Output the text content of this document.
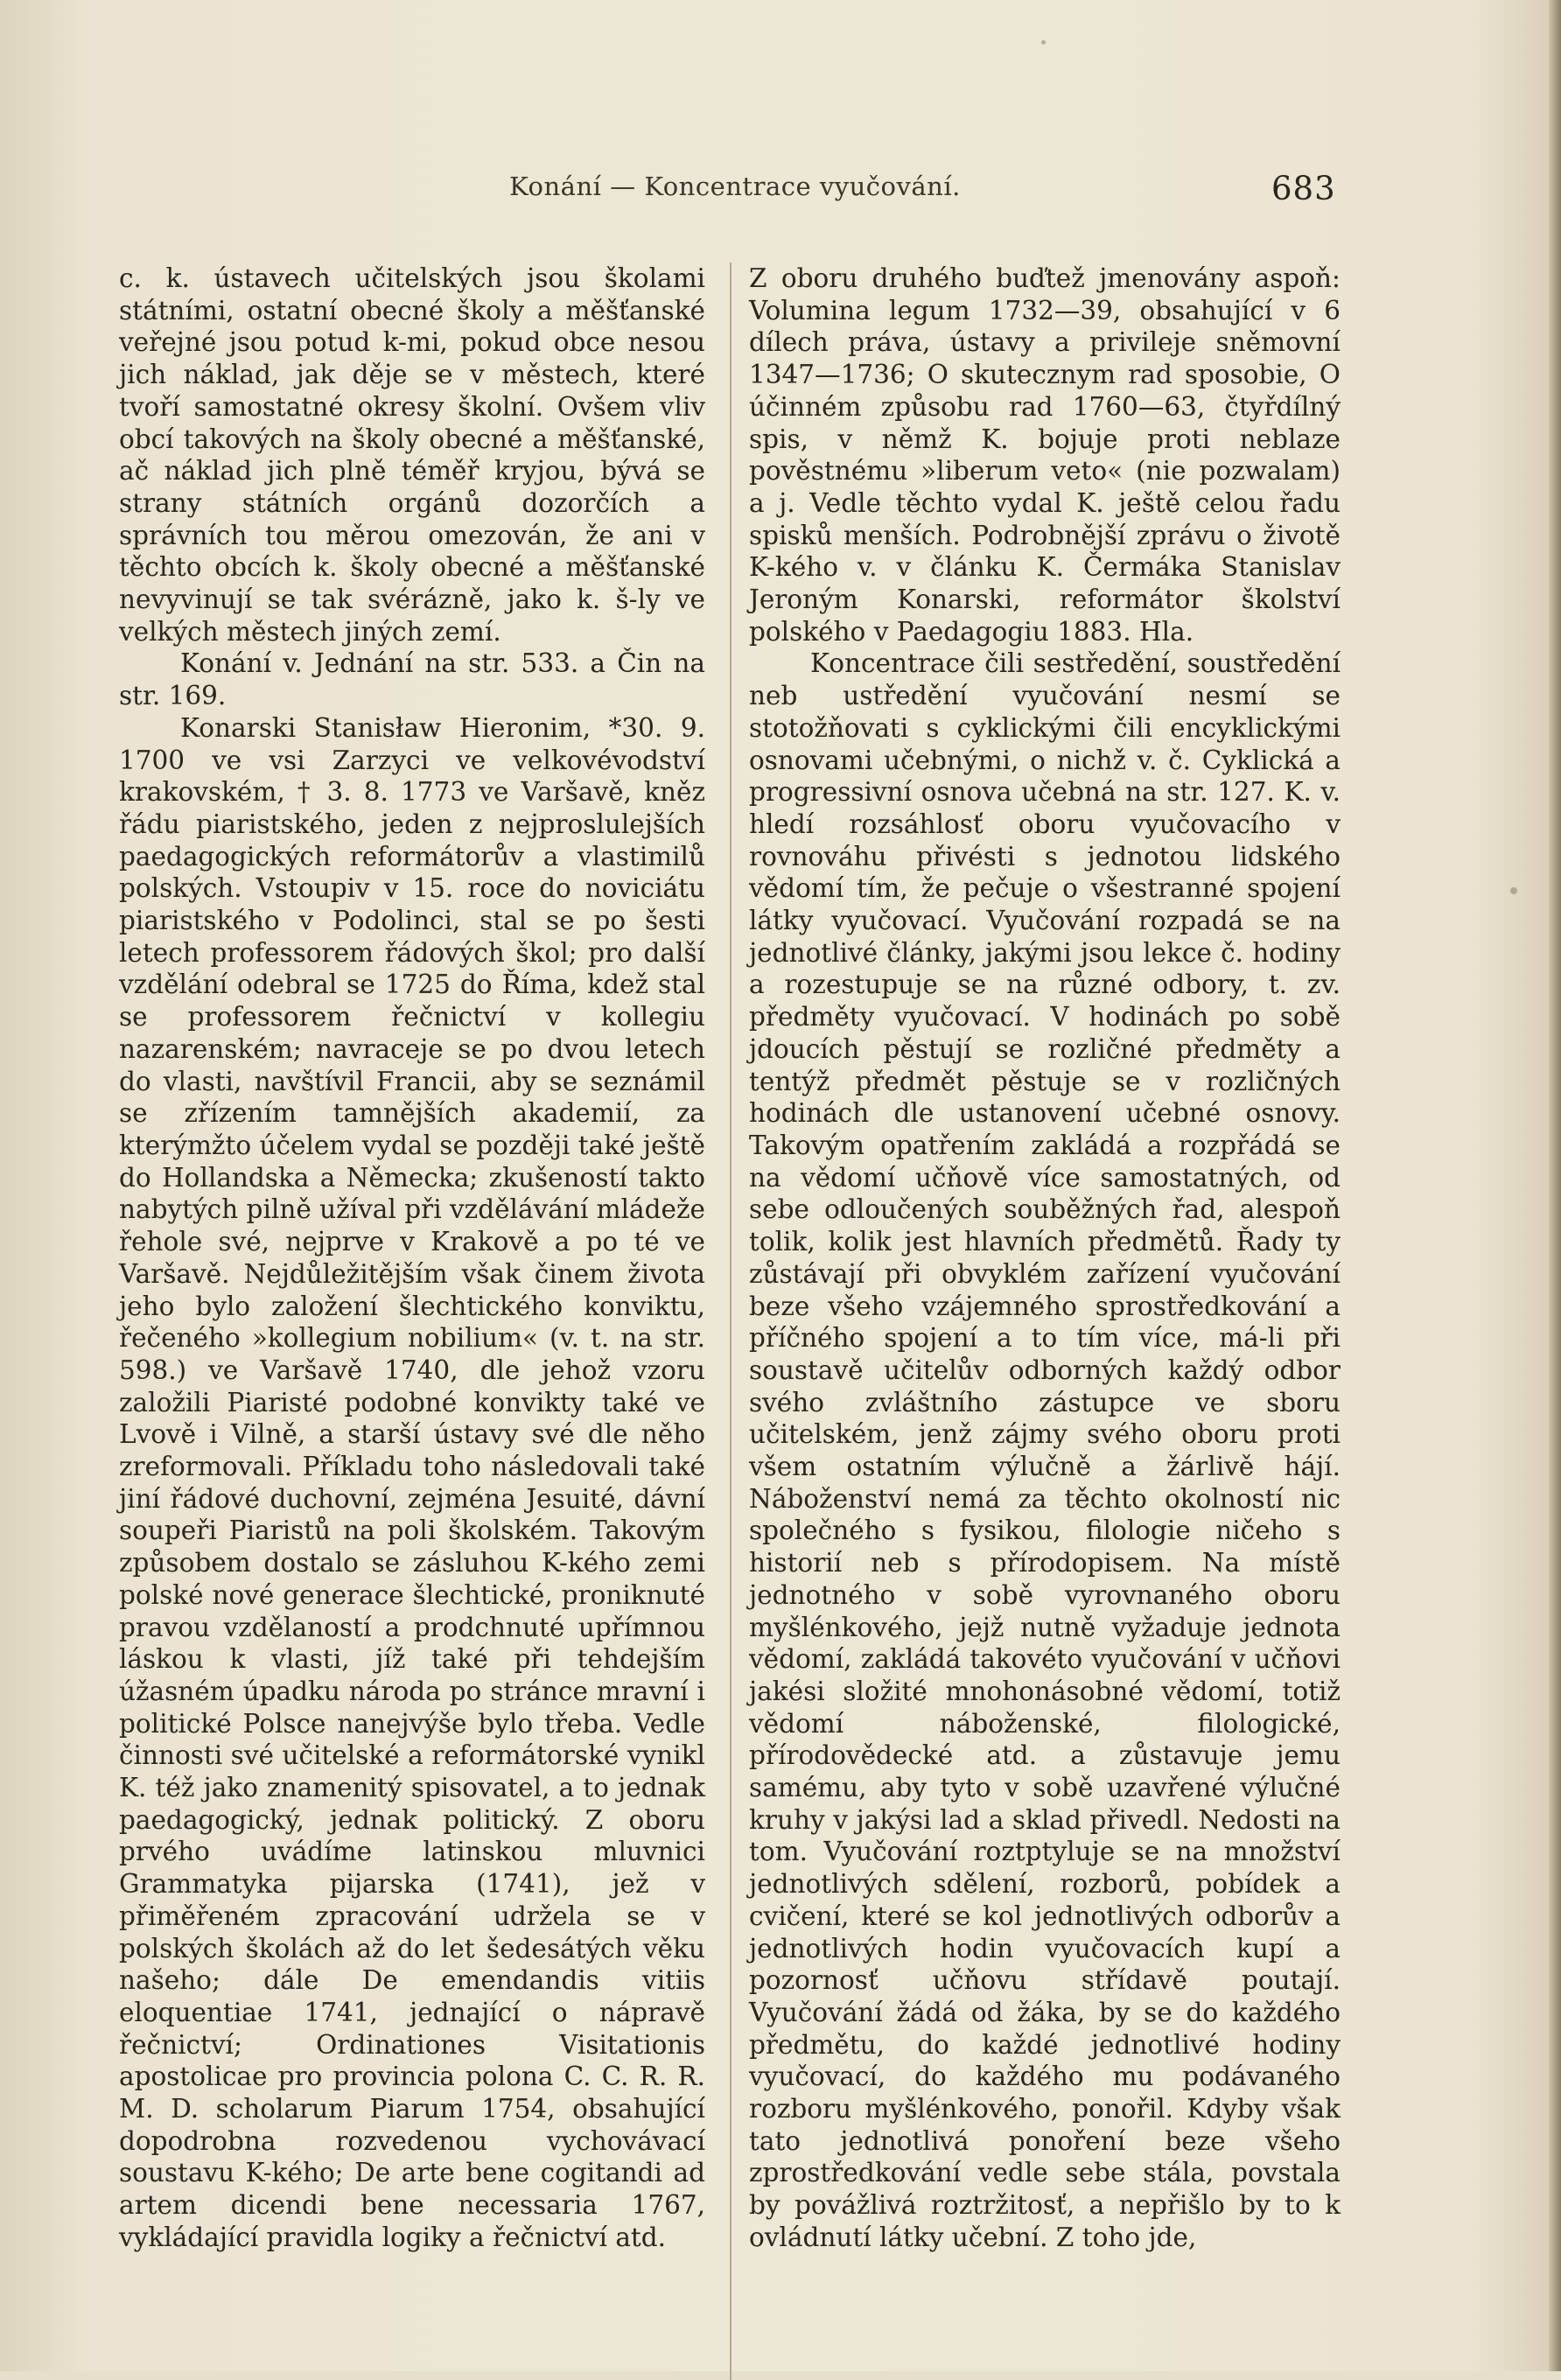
Konání — Koncentrace vyučování.	683

c. k. ústavech učitelských jsou školami státními, ostatní obecné školy a měšťanské veřejné jsou potud k-mi, pokud obce nesou jich náklad, jak děje se v městech, které tvoří samostatné okresy školní. Ovšem vliv obcí takových na školy obecné a měšťanské, ač náklad jich plně téměř kryjou, bývá se strany státních orgánů dozorčích a správních tou měrou omezován, že ani v těchto obcích k. školy obecné a měšťanské nevyvinují se tak svérázně, jako k. š-ly ve velkých městech jiných zemí.

Konání v. Jednání na str. 533. a Čin na str. 169.

Konarski Stanisław Hieronim, *30. 9. 1700 ve vsi Zarzyci ve velkovévodství krakovském, † 3. 8. 1773 ve Varšavě, kněz řádu piaristského, jeden z nejproslulejších paedagogických reformátorův a vlastimilů polských. Vstoupiv v 15. roce do noviciátu piaristského v Podolinci, stal se po šesti letech professorem řádových škol; pro další vzdělání odebral se 1725 do Říma, kdež stal se professorem řečnictví v kollegiu nazarenském; navraceje se po dvou letech do vlasti, navštívil Francii, aby se seznámil se zřízením tamnějších akademií, za kterýmžto účelem vydal se později také ještě do Hollandska a Německa; zkušeností takto nabytých pilně užíval při vzdělávání mládeže řehole své, nejprve v Krakově a po té ve Varšavě. Nejdůležitějším však činem života jeho bylo založení šlechtického konviktu, řečeného »kollegium nobilium« (v. t. na str. 598.) ve Varšavě 1740, dle jehož vzoru založili Piaristé podobné konvikty také ve Lvově i Vilně, a starší ústavy své dle něho zreformovali. Příkladu toho následovali také jiní řádové duchovní, zejména Jesuité, dávní soupeři Piaristů na poli školském. Takovým způsobem dostalo se zásluhou K-kého zemi polské nové generace šlechtické, proniknuté pravou vzdělaností a prodchnuté upřímnou láskou k vlasti, jíž také při tehdejším úžasném úpadku národa po stránce mravní i politické Polsce nanejvýše bylo třeba. Vedle činnosti své učitelské a reformátorské vynikl K. též jako znamenitý spisovatel, a to jednak paedagogický, jednak politický. Z oboru prvého uvádíme latinskou mluvnici Grammatyka pijarska (1741), jež v přiměřeném zpracování udržela se v polských školách až do let šedesátých věku našeho; dále De emendandis vitiis eloquentiae 1741, jednající o nápravě řečnictví; Ordinationes Visitationis apostolicae pro provincia polona C. C. R. R. M. D. scholarum Piarum 1754, obsahující dopodrobna rozvedenou vychovávací soustavu K-kého; De arte bene cogitandi ad artem dicendi bene necessaria 1767, vykládající pravidla logiky a řečnictví atd.

Z oboru druhého buďtež jmenovány aspoň: Volumina legum 1732—39, obsahující v 6 dílech práva, ústavy a privileje sněmovní 1347—1736; O skutecznym rad sposobie, O účinném způsobu rad 1760—63, čtyřdílný spis, v němž K. bojuje proti neblaze pověstnému »liberum veto« (nie pozwalam) a j. Vedle těchto vydal K. ještě celou řadu spisků menších. Podrobnější zprávu o životě K-kého v. v článku K. Čermáka Stanislav Jeroným Konarski, reformátor školství polského v Paedagogiu 1883. Hla.

Koncentrace čili sestředění, soustředění neb ustředění vyučování nesmí se stotožňovati s cyklickými čili encyklickými osnovami učebnými, o nichž v. č. Cyklická a progressivní osnova učebná na str. 127. K. v. hledí rozsáhlosť oboru vyučovacího v rovnováhu přivésti s jednotou lidského vědomí tím, že pečuje o všestranné spojení látky vyučovací. Vyučování rozpadá se na jednotlivé články, jakými jsou lekce č. hodiny a rozestupuje se na různé odbory, t. zv. předměty vyučovací. V hodinách po sobě jdoucích pěstují se rozličné předměty a tentýž předmět pěstuje se v rozličných hodinách dle ustanovení učebné osnovy. Takovým opatřením zakládá a rozpřádá se na vědomí učňově více samostatných, od sebe odloučených souběžných řad, alespoň tolik, kolik jest hlavních předmětů. Řady ty zůstávají při obvyklém zařízení vyučování beze všeho vzájemného sprostředkování a příčného spojení a to tím více, má-li při soustavě učitelův odborných každý odbor svého zvláštního zástupce ve sboru učitelském, jenž zájmy svého oboru proti všem ostatním výlučně a žárlivě hájí. Náboženství nemá za těchto okolností nic společného s fysikou, filologie ničeho s historií neb s přírodopisem. Na místě jednotného v sobě vyrovnaného oboru myšlénkového, jejž nutně vyžaduje jednota vědomí, zakládá takovéto vyučování v učňovi jakési složité mnohonásobné vědomí, totiž vědomí náboženské, filologické, přírodovědecké atd. a zůstavuje jemu samému, aby tyto v sobě uzavřené výlučné kruhy v jakýsi lad a sklad přivedl. Nedosti na tom. Vyučování roztptyluje se na množství jednotlivých sdělení, rozborů, pobídek a cvičení, které se kol jednotlivých odborův a jednotlivých hodin vyučovacích kupí a pozornosť učňovu střídavě poutají. Vyučování žádá od žáka, by se do každého předmětu, do každé jednotlivé hodiny vyučovací, do každého mu podávaného rozboru myšlénkového, ponořil. Kdyby však tato jednotlivá ponoření beze všeho zprostředkování vedle sebe stála, povstala by povážlivá roztržitosť, a nepřišlo by to k ovládnutí látky učební. Z toho jde,
